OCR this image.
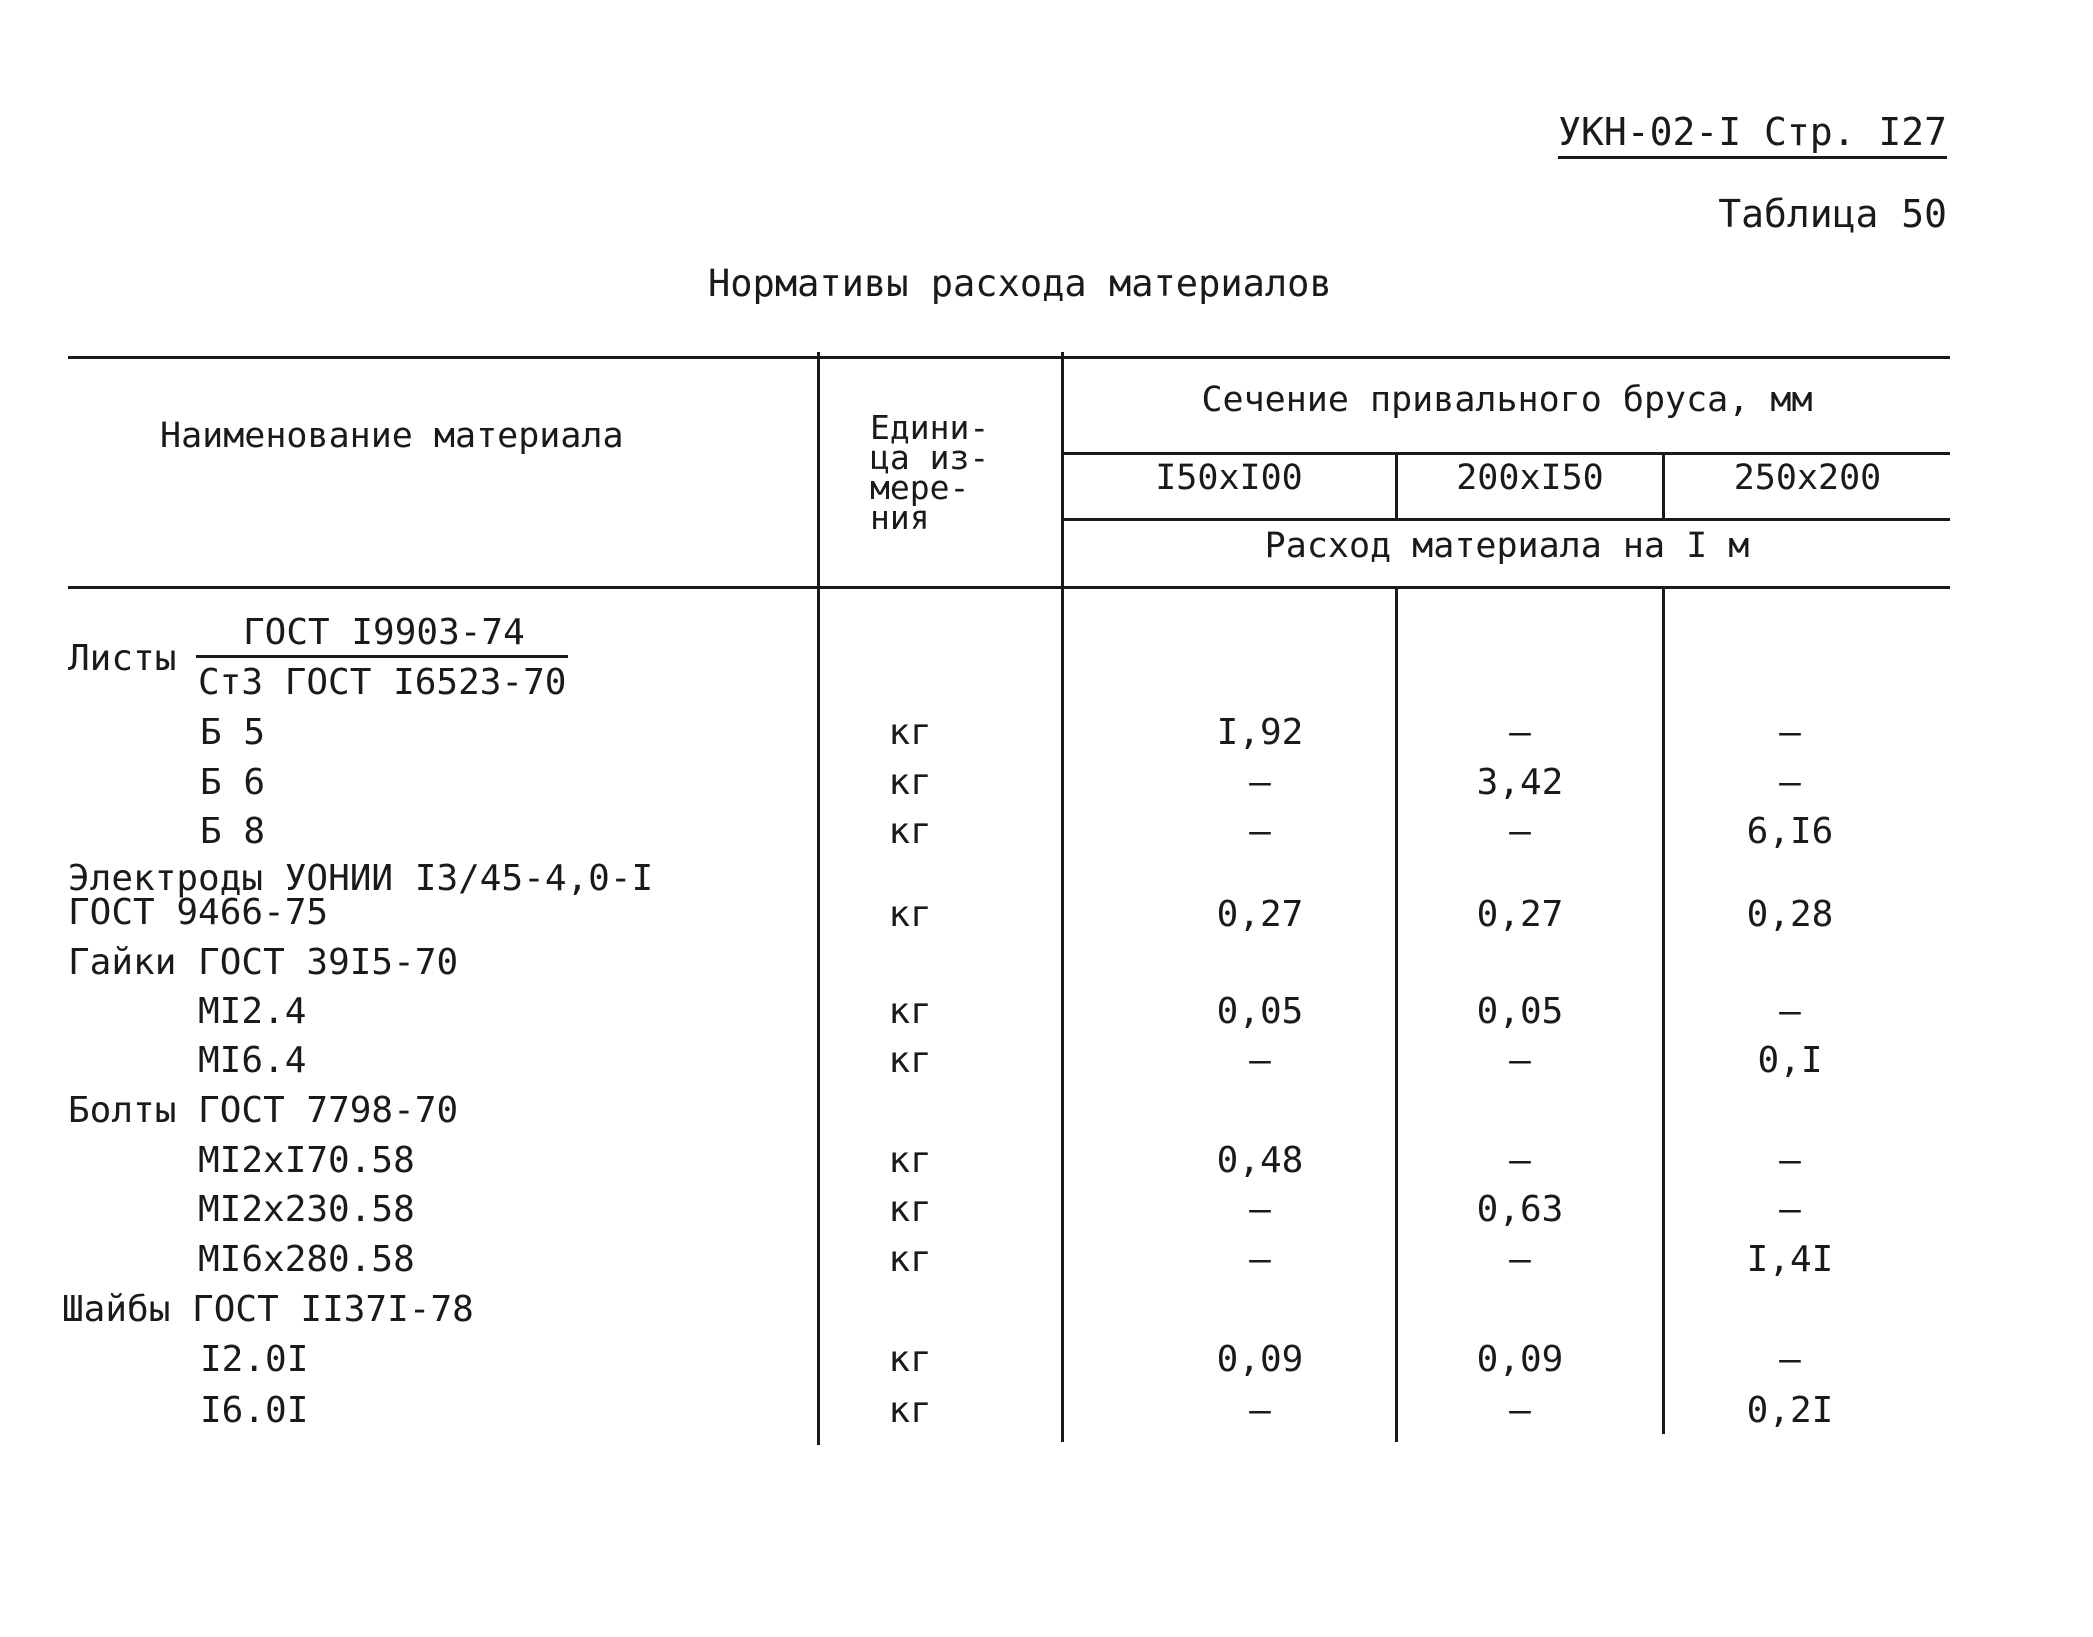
УКН-02-I Стр. I27
Таблица 50
Нормативы расхода материалов
Наименование материала	Едини-
ца из-
мере-
ния
Сечение привального бруса, мм
I50xI00	200xI50	250x200
Расход материала на I м
Листы
ГОСТ I9903-74
Ст3 ГОСТ I6523-70
Б 5	кг	I,92	–	–
Б 6	кг	–	3,42	–
Б 8	кг	–	–	6,I6
Электроды УОНИИ I3/45-4,0-I
ГОСТ 9466-75	кг	0,27	0,27	0,28
Гайки ГОСТ 39I5-70
МI2.4	кг	0,05	0,05	–
МI6.4	кг	–	–	0,I
Болты ГОСТ 7798-70
МI2xI70.58	кг	0,48	–	–
МI2x230.58	кг	–	0,63	–
МI6x280.58	кг	–	–	I,4I
Шайбы ГОСТ II37I-78
I2.0I	кг	0,09	0,09	–
I6.0I	кг	–	–	0,2I
